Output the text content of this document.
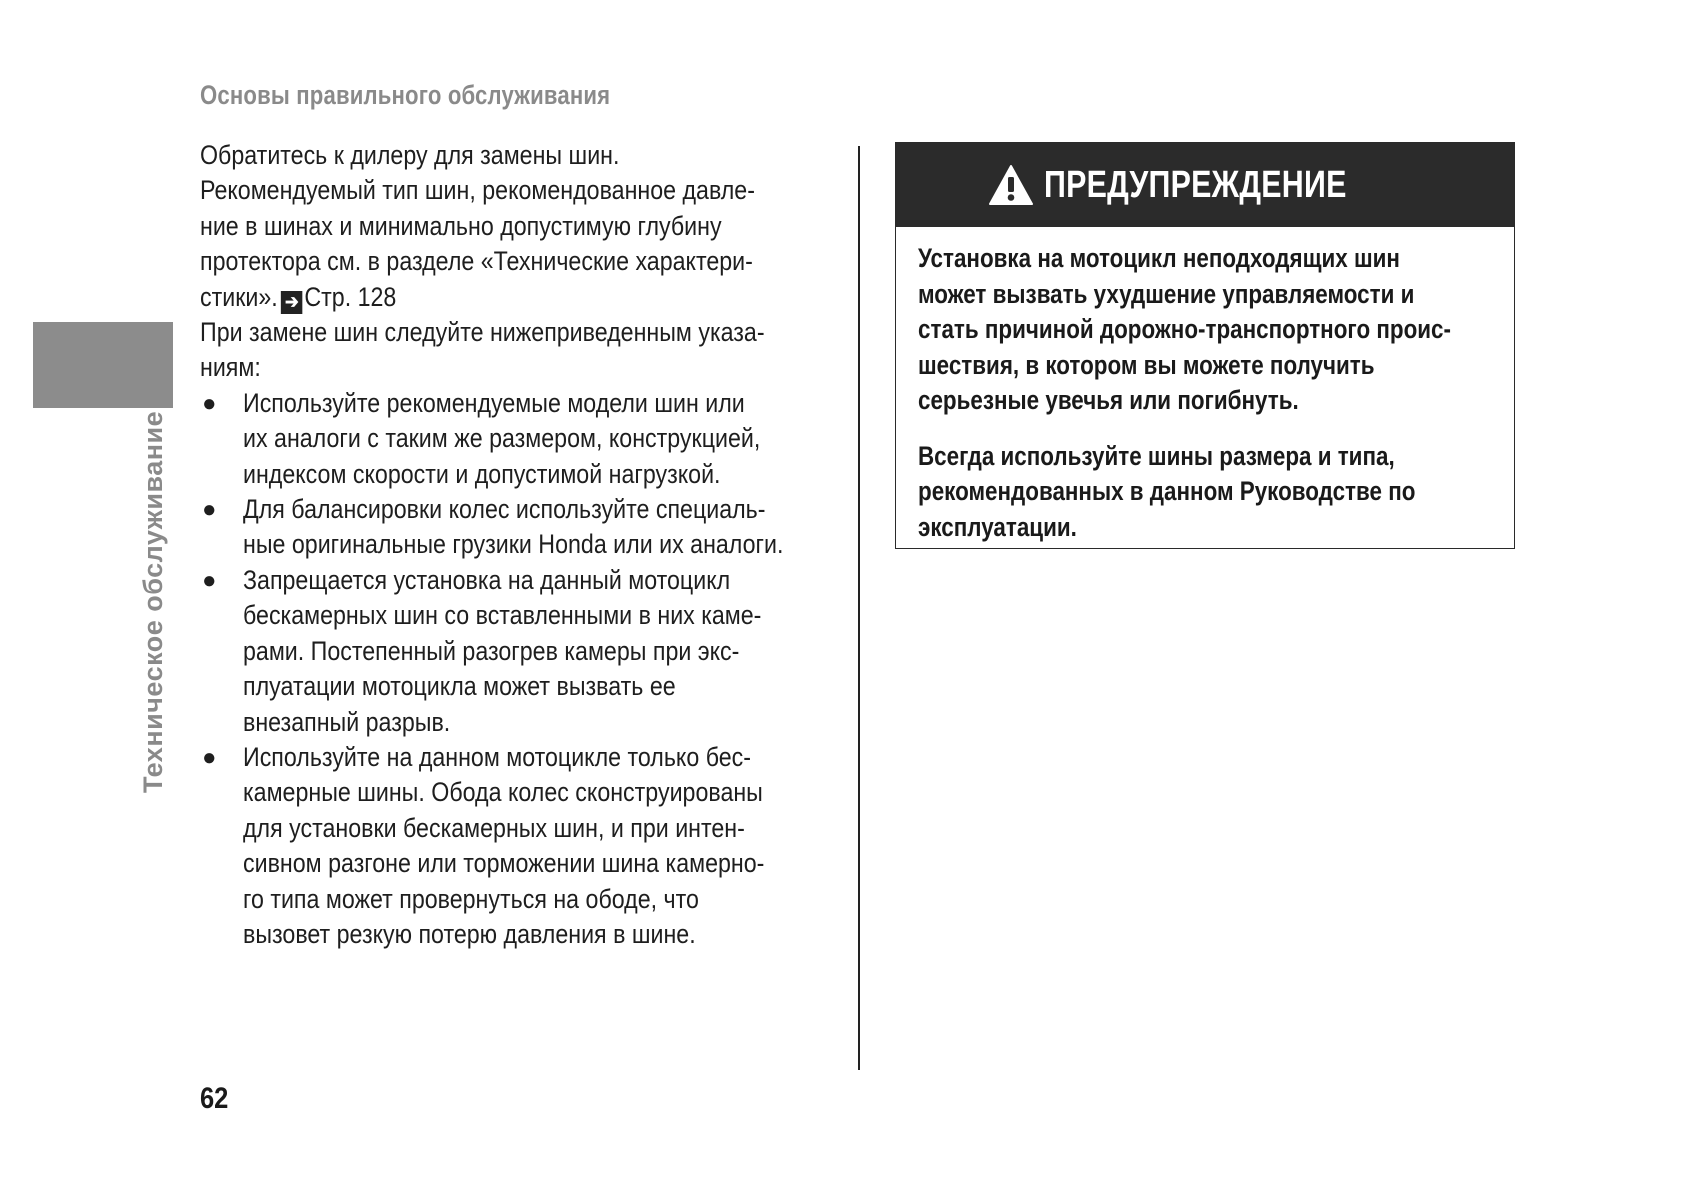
Основы правильного обслуживания
Техническое обслуживание

Обратитесь к дилеру для замены шин.
Рекомендуемый тип шин, рекомендованное давле-
ние в шинах и минимально допустимую глубину
протектора см. в разделе «Технические характери-
стики». ➔ Стр. 128

При замене шин следуйте нижеприведенным указа-
ниям:

● Используйте рекомендуемые модели шин или
их аналоги с таким же размером, конструкцией,
индексом скорости и допустимой нагрузкой.
● Для балансировки колес используйте специаль-
ные оригинальные грузики Honda или их аналоги.
● Запрещается установка на данный мотоцикл
бескамерных шин со вставленными в них каме-
рами. Постепенный разогрев камеры при экс-
плуатации мотоцикла может вызвать ее
внезапный разрыв.
● Используйте на данном мотоцикле только бес-
камерные шины. Обода колес сконструированы
для установки бескамерных шин, и при интен-
сивном разгоне или торможении шина камерно-
го типа может провернуться на ободе, что
вызовет резкую потерю давления в шине.
ПРЕДУПРЕЖДЕНИЕ

Установка на мотоцикл неподходящих шин
может вызвать ухудшение управляемости и
стать причиной дорожно-транспортного проис-
шествия, в котором вы можете получить
серьезные увечья или погибнуть.

Всегда используйте шины размера и типа,
рекомендованных в данном Руководстве по
эксплуатации.

62
